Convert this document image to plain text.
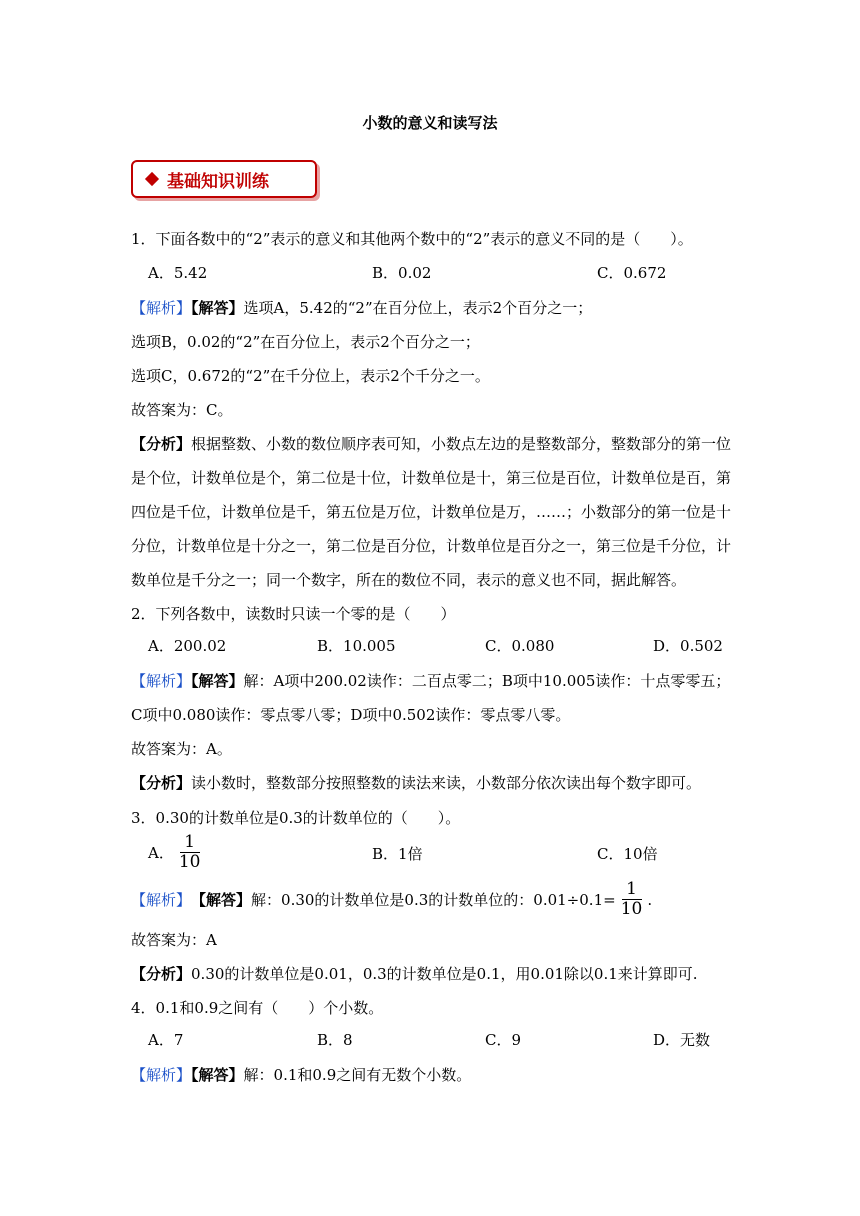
小数的意义和读写法
基础知识训练
1．下面各数中的“2”表示的意义和其他两个数中的“2”表示的意义不同的是（　　）。
A．5.42	B．0.02	C．0.672
【解析】【解答】选项A，5.42的“2”在百分位上，表示2个百分之一；
选项B，0.02的“2”在百分位上，表示2个百分之一；
选项C，0.672的“2”在千分位上，表示2个千分之一。
故答案为：C。
【分析】根据整数、小数的数位顺序表可知，小数点左边的是整数部分，整数部分的第一位
是个位，计数单位是个，第二位是十位，计数单位是十，第三位是百位，计数单位是百，第
四位是千位，计数单位是千，第五位是万位，计数单位是万，……；小数部分的第一位是十
分位，计数单位是十分之一，第二位是百分位，计数单位是百分之一，第三位是千分位，计
数单位是千分之一；同一个数字，所在的数位不同，表示的意义也不同，据此解答。
2．下列各数中，读数时只读一个零的是（　　）
A．200.02	B．10.005	C．0.080	D．0.502
【解析】【解答】解：A项中200.02读作：二百点零二；B项中10.005读作：十点零零五；
C项中0.080读作：零点零八零；D项中0.502读作：零点零八零。
故答案为：A。
【分析】读小数时，整数部分按照整数的读法来读，小数部分依次读出每个数字即可。
3．0.30的计数单位是0.3的计数单位的（　　）。
A． $\frac{1}{10}$	B．1倍	C．10倍
【解析】 【解答】 解：0.30的计数单位是0.3的计数单位的：$0.01\div 0.1= \frac{1}{10}$ .
故答案为：A
【分析】0.30的计数单位是0.01，0.3的计数单位是0.1，用0.01除以0.1来计算即可.
4．0.1和0.9之间有（　　）个小数。
A．7	B．8	C．9	D．无数
【解析】【解答】解：0.1和0.9之间有无数个小数。
